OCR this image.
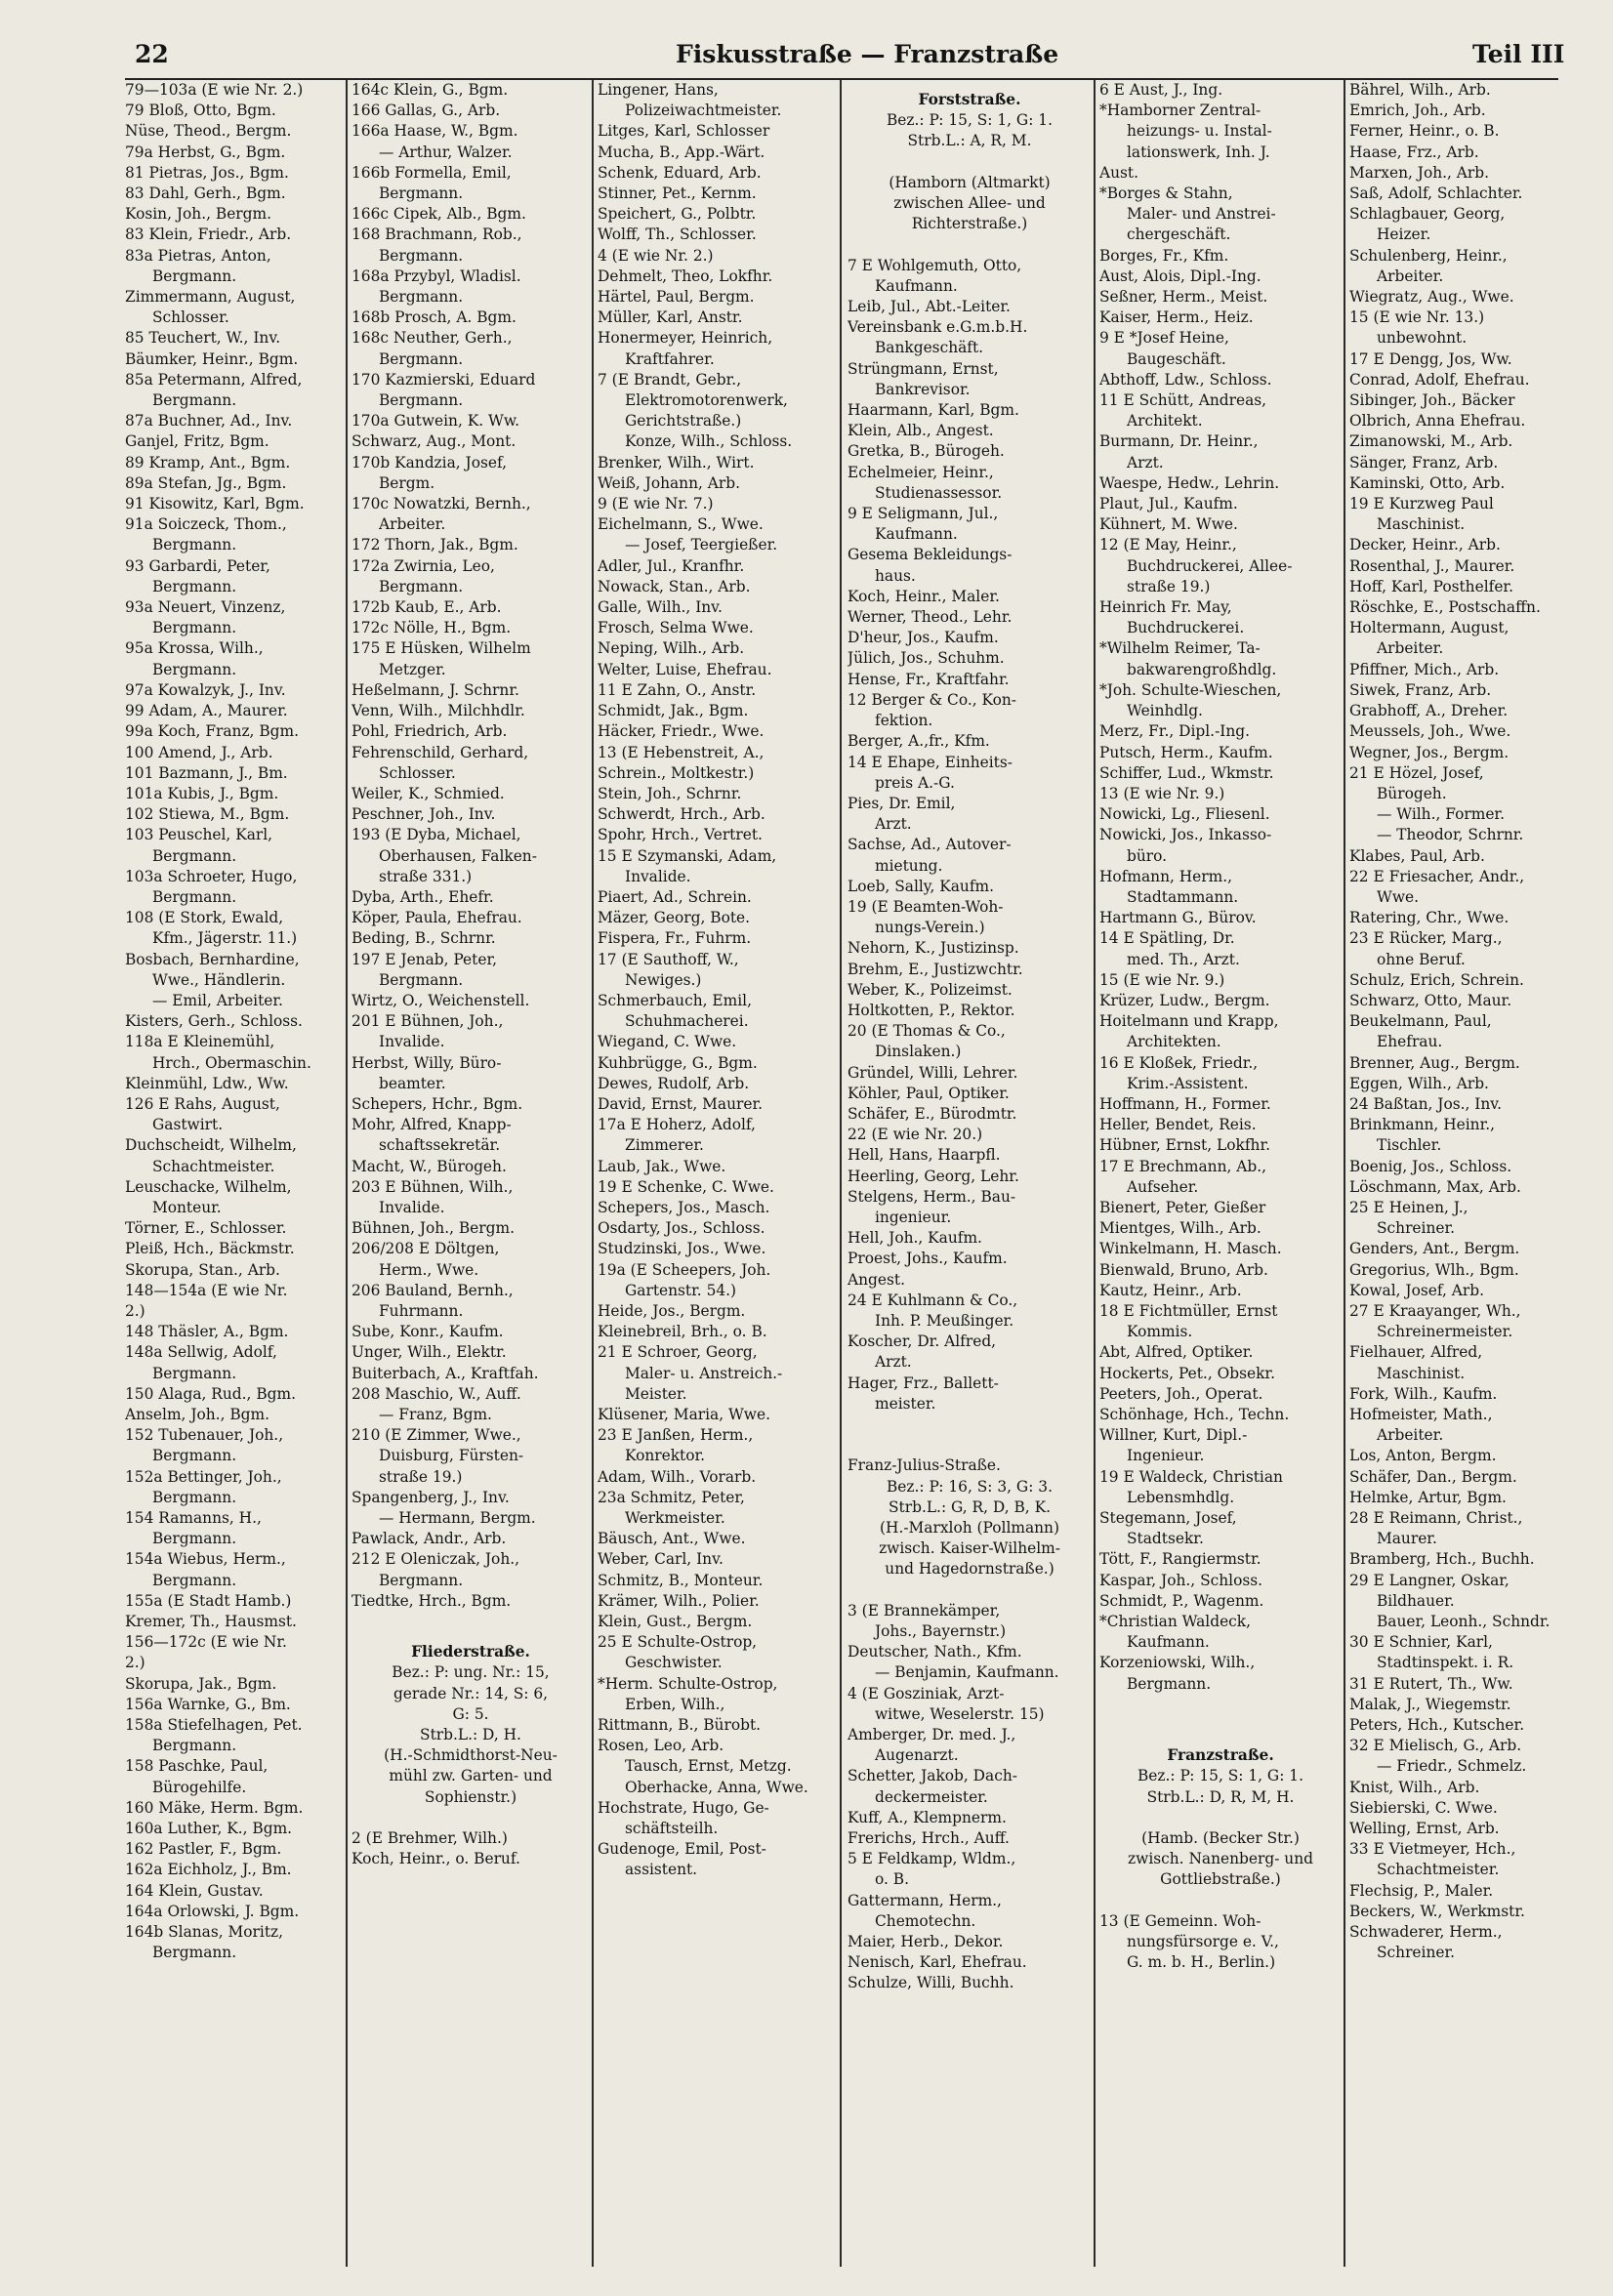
22	Fiskusstraße — Franzstraße	Teil III
79—103a (E wie Nr. 2.)
79 Bloß, Otto, Bgm.
Nüse, Theod., Bergm.
79a Herbst, G., Bgm.
81 Pietras, Jos., Bgm.
83 Dahl, Gerh., Bgm.
Kosin, Joh., Bergm.
83 Klein, Friedr., Arb.
83a Pietras, Anton,
Bergmann.
Zimmermann, August,
Schlosser.
85 Teuchert, W., Inv.
Bäumker, Heinr., Bgm.
85a Petermann, Alfred,
Bergmann.
87a Buchner, Ad., Inv.
Ganjel, Fritz, Bgm.
89 Kramp, Ant., Bgm.
89a Stefan, Jg., Bgm.
91 Kisowitz, Karl, Bgm.
91a Soiczeck, Thom.,
Bergmann.
93 Garbardi, Peter,
Bergmann.
93a Neuert, Vinzenz,
Bergmann.
95a Krossa, Wilh.,
Bergmann.
97a Kowalzyk, J., Inv.
99 Adam, A., Maurer.
99a Koch, Franz, Bgm.
100 Amend, J., Arb.
101 Bazmann, J., Bm.
101a Kubis, J., Bgm.
102 Stiewa, M., Bgm.
103 Peuschel, Karl,
Bergmann.
103a Schroeter, Hugo,
Bergmann.
108 (E Stork, Ewald,
Kfm., Jägerstr. 11.)
Bosbach, Bernhardine,
Wwe., Händlerin.
— Emil, Arbeiter.
Kisters, Gerh., Schloss.
118a E Kleinemühl,
Hrch., Obermaschin.
Kleinmühl, Ldw., Ww.
126 E Rahs, August,
Gastwirt.
Duchscheidt, Wilhelm,
Schachtmeister.
Leuschacke, Wilhelm,
Monteur.
Törner, E., Schlosser.
Pleiß, Hch., Bäckmstr.
Skorupa, Stan., Arb.
148—154a (E wie Nr.
2.)
148 Thäsler, A., Bgm.
148a Sellwig, Adolf,
Bergmann.
150 Alaga, Rud., Bgm.
Anselm, Joh., Bgm.
152 Tubenauer, Joh.,
Bergmann.
152a Bettinger, Joh.,
Bergmann.
154 Ramanns, H.,
Bergmann.
154a Wiebus, Herm.,
Bergmann.
155a (E Stadt Hamb.)
Kremer, Th., Hausmst.
156—172c (E wie Nr.
2.)
Skorupa, Jak., Bgm.
156a Warnke, G., Bm.
158a Stiefelhagen, Pet.
Bergmann.
158 Paschke, Paul,
Bürogehilfe.
160 Mäke, Herm. Bgm.
160a Luther, K., Bgm.
162 Pastler, F., Bgm.
162a Eichholz, J., Bm.
164 Klein, Gustav.
164a Orlowski, J. Bgm.
164b Slanas, Moritz,
Bergmann.
164c Klein, G., Bgm.
166 Gallas, G., Arb.
166a Haase, W., Bgm.
— Arthur, Walzer.
166b Formella, Emil,
Bergmann.
166c Cipek, Alb., Bgm.
168 Brachmann, Rob.,
Bergmann.
168a Przybyl, Wladisl.
Bergmann.
168b Prosch, A. Bgm.
168c Neuther, Gerh.,
Bergmann.
170 Kazmierski, Eduard
Bergmann.
170a Gutwein, K. Ww.
Schwarz, Aug., Mont.
170b Kandzia, Josef,
Bergm.
170c Nowatzki, Bernh.,
Arbeiter.
172 Thorn, Jak., Bgm.
172a Zwirnia, Leo,
Bergmann.
172b Kaub, E., Arb.
172c Nölle, H., Bgm.
175 E Hüsken, Wilhelm
Metzger.
Heßelmann, J. Schrnr.
Venn, Wilh., Milchhdlr.
Pohl, Friedrich, Arb.
Fehrenschild, Gerhard,
Schlosser.
Weiler, K., Schmied.
Peschner, Joh., Inv.
193 (E Dyba, Michael,
Oberhausen, Falken-
straße 331.)
Dyba, Arth., Ehefr.
Köper, Paula, Ehefrau.
Beding, B., Schrnr.
197 E Jenab, Peter,
Bergmann.
Wirtz, O., Weichenstell.
201 E Bühnen, Joh.,
Invalide.
Herbst, Willy, Büro-
beamter.
Schepers, Hchr., Bgm.
Mohr, Alfred, Knapp-
schaftssekretär.
Macht, W., Bürogeh.
203 E Bühnen, Wilh.,
Invalide.
Bühnen, Joh., Bergm.
206/208 E Döltgen,
Herm., Wwe.
206 Bauland, Bernh.,
Fuhrmann.
Sube, Konr., Kaufm.
Unger, Wilh., Elektr.
Buiterbach, A., Kraftfah.
208 Maschio, W., Auff.
— Franz, Bgm.
210 (E Zimmer, Wwe.,
Duisburg, Fürsten-
straße 19.)
Spangenberg, J., Inv.
— Hermann, Bergm.
Pawlack, Andr., Arb.
212 E Oleniczak, Joh.,
Bergmann.
Tiedtke, Hrch., Bgm.

Fliederstraße.
Bez.: P: ung. Nr.: 15,
gerade Nr.: 14, S: 6,
G: 5.
Strb.L.: D, H.
(H.-Schmidthorst-Neu-
mühl zw. Garten- und
Sophienstr.)

2 (E Brehmer, Wilh.)
Koch, Heinr., o. Beruf.
Lingener, Hans,
Polizeiwachtmeister.
Litges, Karl, Schlosser
Mucha, B., App.-Wärt.
Schenk, Eduard, Arb.
Stinner, Pet., Kernm.
Speichert, G., Polbtr.
Wolff, Th., Schlosser.
4 (E wie Nr. 2.)
Dehmelt, Theo, Lokfhr.
Härtel, Paul, Bergm.
Müller, Karl, Anstr.
Honermeyer, Heinrich,
Kraftfahrer.
7 (E Brandt, Gebr.,
Elektromotorenwerk,
Gerichtstraße.)
Konze, Wilh., Schloss.
Brenker, Wilh., Wirt.
Weiß, Johann, Arb.
9 (E wie Nr. 7.)
Eichelmann, S., Wwe.
— Josef, Teergießer.
Adler, Jul., Kranfhr.
Nowack, Stan., Arb.
Galle, Wilh., Inv.
Frosch, Selma Wwe.
Neping, Wilh., Arb.
Welter, Luise, Ehefrau.
11 E Zahn, O., Anstr.
Schmidt, Jak., Bgm.
Häcker, Friedr., Wwe.
13 (E Hebenstreit, A.,
Schrein., Moltkestr.)
Stein, Joh., Schrnr.
Schwerdt, Hrch., Arb.
Spohr, Hrch., Vertret.
15 E Szymanski, Adam,
Invalide.
Piaert, Ad., Schrein.
Mäzer, Georg, Bote.
Fispera, Fr., Fuhrm.
17 (E Sauthoff, W.,
Newiges.)
Schmerbauch, Emil,
Schuhmacherei.
Wiegand, C. Wwe.
Kuhbrügge, G., Bgm.
Dewes, Rudolf, Arb.
David, Ernst, Maurer.
17a E Hoherz, Adolf,
Zimmerer.
Laub, Jak., Wwe.
19 E Schenke, C. Wwe.
Schepers, Jos., Masch.
Osdarty, Jos., Schloss.
Studzinski, Jos., Wwe.
19a (E Scheepers, Joh.
Gartenstr. 54.)
Heide, Jos., Bergm.
Kleinebreil, Brh., o. B.
21 E Schroer, Georg,
Maler- u. Anstreich.-
Meister.
Klüsener, Maria, Wwe.
23 E Janßen, Herm.,
Konrektor.
Adam, Wilh., Vorarb.
23a Schmitz, Peter,
Werkmeister.
Bäusch, Ant., Wwe.
Weber, Carl, Inv.
Schmitz, B., Monteur.
Krämer, Wilh., Polier.
Klein, Gust., Bergm.
25 E Schulte-Ostrop,
Geschwister.
*Herm. Schulte-Ostrop,
Erben, Wilh.,
Rittmann, B., Bürobt.
Rosen, Leo, Arb.
Tausch, Ernst, Metzg.
Oberhacke, Anna, Wwe.
Hochstrate, Hugo, Ge-
schäftsteilh.
Gudenoge, Emil, Post-
assistent.
Forststraße.
Bez.: P: 15, S: 1, G: 1.
Strb.L.: A, R, M.

(Hamborn (Altmarkt)
zwischen Allee- und
Richterstraße.)

7 E Wohlgemuth, Otto,
Kaufmann.
Leib, Jul., Abt.-Leiter.
Vereinsbank e.G.m.b.H.
Bankgeschäft.
Strüngmann, Ernst,
Bankrevisor.
Haarmann, Karl, Bgm.
Klein, Alb., Angest.
Gretka, B., Bürogeh.
Echelmeier, Heinr.,
Studienassessor.
9 E Seligmann, Jul.,
Kaufmann.
Gesema Bekleidungs-
haus.
Koch, Heinr., Maler.
Werner, Theod., Lehr.
D'heur, Jos., Kaufm.
Jülich, Jos., Schuhm.
Hense, Fr., Kraftfahr.
12 Berger & Co., Kon-
fektion.
Berger, A.,fr., Kfm.
14 E Ehape, Einheits-
preis A.-G.
Pies, Dr. Emil,
Arzt.
Sachse, Ad., Autover-
mietung.
Loeb, Sally, Kaufm.
19 (E Beamten-Woh-
nungs-Verein.)
Nehorn, K., Justizinsp.
Brehm, E., Justizwchtr.
Weber, K., Polizeimst.
Holtkotten, P., Rektor.
20 (E Thomas & Co.,
Dinslaken.)
Gründel, Willi, Lehrer.
Köhler, Paul, Optiker.
Schäfer, E., Bürodmtr.
22 (E wie Nr. 20.)
Hell, Hans, Haarpfl.
Heerling, Georg, Lehr.
Stelgens, Herm., Bau-
ingenieur.
Hell, Joh., Kaufm.
Proest, Johs., Kaufm.
Angest.
24 E Kuhlmann & Co.,
Inh. P. Meußinger.
Koscher, Dr. Alfred,
Arzt.
Hager, Frz., Ballett-
meister.

Franz-Julius-Straße.
Bez.: P: 16, S: 3, G: 3.
Strb.L.: G, R, D, B, K.
(H.-Marxloh (Pollmann)
zwisch. Kaiser-Wilhelm-
und Hagedornstraße.)

3 (E Brannekämper,
Johs., Bayernstr.)
Deutscher, Nath., Kfm.
— Benjamin, Kaufmann.
4 (E Gosziniak, Arzt-
witwe, Weselerstr. 15)
Amberger, Dr. med. J.,
Augenarzt.
Schetter, Jakob, Dach-
deckermeister.
Kuff, A., Klempnerm.
Frerichs, Hrch., Auff.
5 E Feldkamp, Wldm.,
o. B.
Gattermann, Herm.,
Chemotechn.
Maier, Herb., Dekor.
Nenisch, Karl, Ehefrau.
Schulze, Willi, Buchh.
6 E Aust, J., Ing.
*Hamborner Zentral-
heizungs- u. Instal-
lationswerk, Inh. J.
Aust.
*Borges & Stahn,
Maler- und Anstrei-
chergeschäft.
Borges, Fr., Kfm.
Aust, Alois, Dipl.-Ing.
Seßner, Herm., Meist.
Kaiser, Herm., Heiz.
9 E *Josef Heine,
Baugeschäft.
Abthoff, Ldw., Schloss.
11 E Schütt, Andreas,
Architekt.
Burmann, Dr. Heinr.,
Arzt.
Waespe, Hedw., Lehrin.
Plaut, Jul., Kaufm.
Kühnert, M. Wwe.
12 (E May, Heinr.,
Buchdruckerei, Allee-
straße 19.)
Heinrich Fr. May,
Buchdruckerei.
*Wilhelm Reimer, Ta-
bakwarengroßhdlg.
*Joh. Schulte-Wieschen,
Weinhdlg.
Merz, Fr., Dipl.-Ing.
Putsch, Herm., Kaufm.
Schiffer, Lud., Wkmstr.
13 (E wie Nr. 9.)
Nowicki, Lg., Fliesenl.
Nowicki, Jos., Inkasso-
büro.
Hofmann, Herm.,
Stadtammann.
Hartmann G., Bürov.
14 E Spätling, Dr.
med. Th., Arzt.
15 (E wie Nr. 9.)
Krüzer, Ludw., Bergm.
Hoitelmann und Krapp,
Architekten.
16 E Kloßek, Friedr.,
Krim.-Assistent.
Hoffmann, H., Former.
Heller, Bendet, Reis.
Hübner, Ernst, Lokfhr.
17 E Brechmann, Ab.,
Aufseher.
Bienert, Peter, Gießer
Mientges, Wilh., Arb.
Winkelmann, H. Masch.
Bienwald, Bruno, Arb.
Kautz, Heinr., Arb.
18 E Fichtmüller, Ernst
Kommis.
Abt, Alfred, Optiker.
Hockerts, Pet., Obsekr.
Peeters, Joh., Operat.
Schönhage, Hch., Techn.
Willner, Kurt, Dipl.-
Ingenieur.
19 E Waldeck, Christian
Lebensmhdlg.
Stegemann, Josef,
Stadtsekr.
Tött, F., Rangiermstr.
Kaspar, Joh., Schloss.
Schmidt, P., Wagenm.
*Christian Waldeck,
Kaufmann.
Korzeniowski, Wilh.,
Bergmann.

Franzstraße.
Bez.: P: 15, S: 1, G: 1.
Strb.L.: D, R, M, H.

(Hamb. (Becker Str.)
zwisch. Nanenberg- und
Gottliebstraße.)

13 (E Gemeinn. Woh-
nungsfürsorge e. V.,
G. m. b. H., Berlin.)
Bährel, Wilh., Arb.
Emrich, Joh., Arb.
Ferner, Heinr., o. B.
Haase, Frz., Arb.
Marxen, Joh., Arb.
Saß, Adolf, Schlachter.
Schlagbauer, Georg,
Heizer.
Schulenberg, Heinr.,
Arbeiter.
Wiegratz, Aug., Wwe.
15 (E wie Nr. 13.)
unbewohnt.
17 E Dengg, Jos, Ww.
Conrad, Adolf, Ehefrau.
Sibinger, Joh., Bäcker
Olbrich, Anna Ehefrau.
Zimanowski, M., Arb.
Sänger, Franz, Arb.
Kaminski, Otto, Arb.
19 E Kurzweg Paul
Maschinist.
Decker, Heinr., Arb.
Rosenthal, J., Maurer.
Hoff, Karl, Posthelfer.
Röschke, E., Postschaffn.
Holtermann, August,
Arbeiter.
Pfiffner, Mich., Arb.
Siwek, Franz, Arb.
Grabhoff, A., Dreher.
Meussels, Joh., Wwe.
Wegner, Jos., Bergm.
21 E Hözel, Josef,
Bürogeh.
— Wilh., Former.
— Theodor, Schrnr.
Klabes, Paul, Arb.
22 E Friesacher, Andr.,
Wwe.
Ratering, Chr., Wwe.
23 E Rücker, Marg.,
ohne Beruf.
Schulz, Erich, Schrein.
Schwarz, Otto, Maur.
Beukelmann, Paul,
Ehefrau.
Brenner, Aug., Bergm.
Eggen, Wilh., Arb.
24 Baßtan, Jos., Inv.
Brinkmann, Heinr.,
Tischler.
Boenig, Jos., Schloss.
Löschmann, Max, Arb.
25 E Heinen, J.,
Schreiner.
Genders, Ant., Bergm.
Gregorius, Wlh., Bgm.
Kowal, Josef, Arb.
27 E Kraayanger, Wh.,
Schreinermeister.
Fielhauer, Alfred,
Maschinist.
Fork, Wilh., Kaufm.
Hofmeister, Math.,
Arbeiter.
Los, Anton, Bergm.
Schäfer, Dan., Bergm.
Helmke, Artur, Bgm.
28 E Reimann, Christ.,
Maurer.
Bramberg, Hch., Buchh.
29 E Langner, Oskar,
Bildhauer.
Bauer, Leonh., Schndr.
30 E Schnier, Karl,
Stadtinspekt. i. R.
31 E Rutert, Th., Ww.
Malak, J., Wiegemstr.
Peters, Hch., Kutscher.
32 E Mielisch, G., Arb.
— Friedr., Schmelz.
Knist, Wilh., Arb.
Siebierski, C. Wwe.
Welling, Ernst, Arb.
33 E Vietmeyer, Hch.,
Schachtmeister.
Flechsig, P., Maler.
Beckers, W., Werkmstr.
Schwaderer, Herm.,
Schreiner.
